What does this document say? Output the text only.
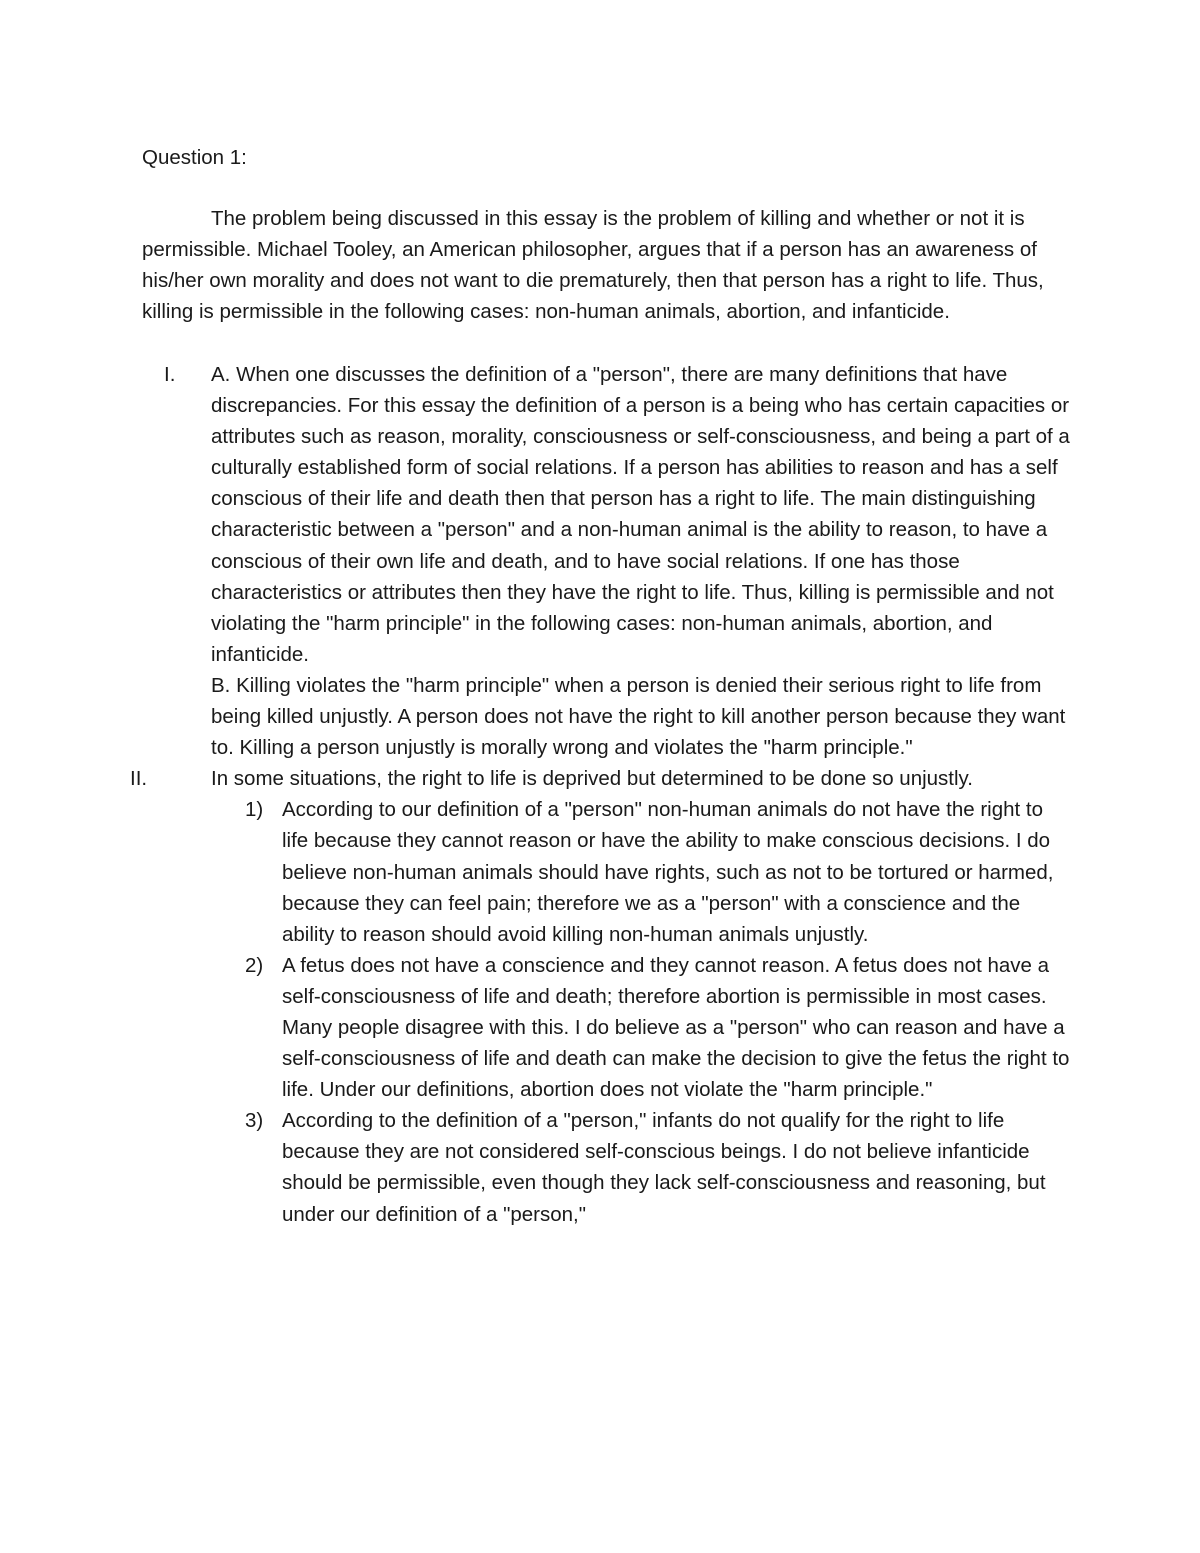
Question 1:

The problem being discussed in this essay is the problem of killing and whether or not it is permissible. Michael Tooley, an American philosopher, argues that if a person has an awareness of his/her own morality and does not want to die prematurely, then that person has a right to life. Thus, killing is permissible in the following cases: non-human animals, abortion, and infanticide.

I. A. When one discusses the definition of a "person", there are many definitions that have discrepancies. For this essay the definition of a person is a being who has certain capacities or attributes such as reason, morality, consciousness or self-consciousness, and being a part of a culturally established form of social relations. If a person has abilities to reason and has a self conscious of their life and death then that person has a right to life. The main distinguishing characteristic between a "person" and a non-human animal is the ability to reason, to have a conscious of their own life and death, and to have social relations. If one has those characteristics or attributes then they have the right to life. Thus, killing is permissible and not violating the "harm principle" in the following cases: non-human animals, abortion, and infanticide.

B. Killing violates the "harm principle" when a person is denied their serious right to life from being killed unjustly. A person does not have the right to kill another person because they want to. Killing a person unjustly is morally wrong and violates the "harm principle."

II.	In some situations, the right to life is deprived but determined to be done so unjustly.

1) According to our definition of a "person" non-human animals do not have the right to life because they cannot reason or have the ability to make conscious decisions. I do believe non-human animals should have rights, such as not to be tortured or harmed, because they can feel pain; therefore we as a "person" with a conscience and the ability to reason should avoid killing non-human animals unjustly.
2) A fetus does not have a conscience and they cannot reason. A fetus does not have a self-consciousness of life and death; therefore abortion is permissible in most cases. Many people disagree with this. I do believe as a "person" who can reason and have a self-consciousness of life and death can make the decision to give the fetus the right to life. Under our definitions, abortion does not violate the "harm principle."
3) According to the definition of a "person," infants do not qualify for the right to life because they are not considered self-conscious beings. I do not believe infanticide should be permissible, even though they lack self-consciousness and reasoning, but under our definition of a "person,"
